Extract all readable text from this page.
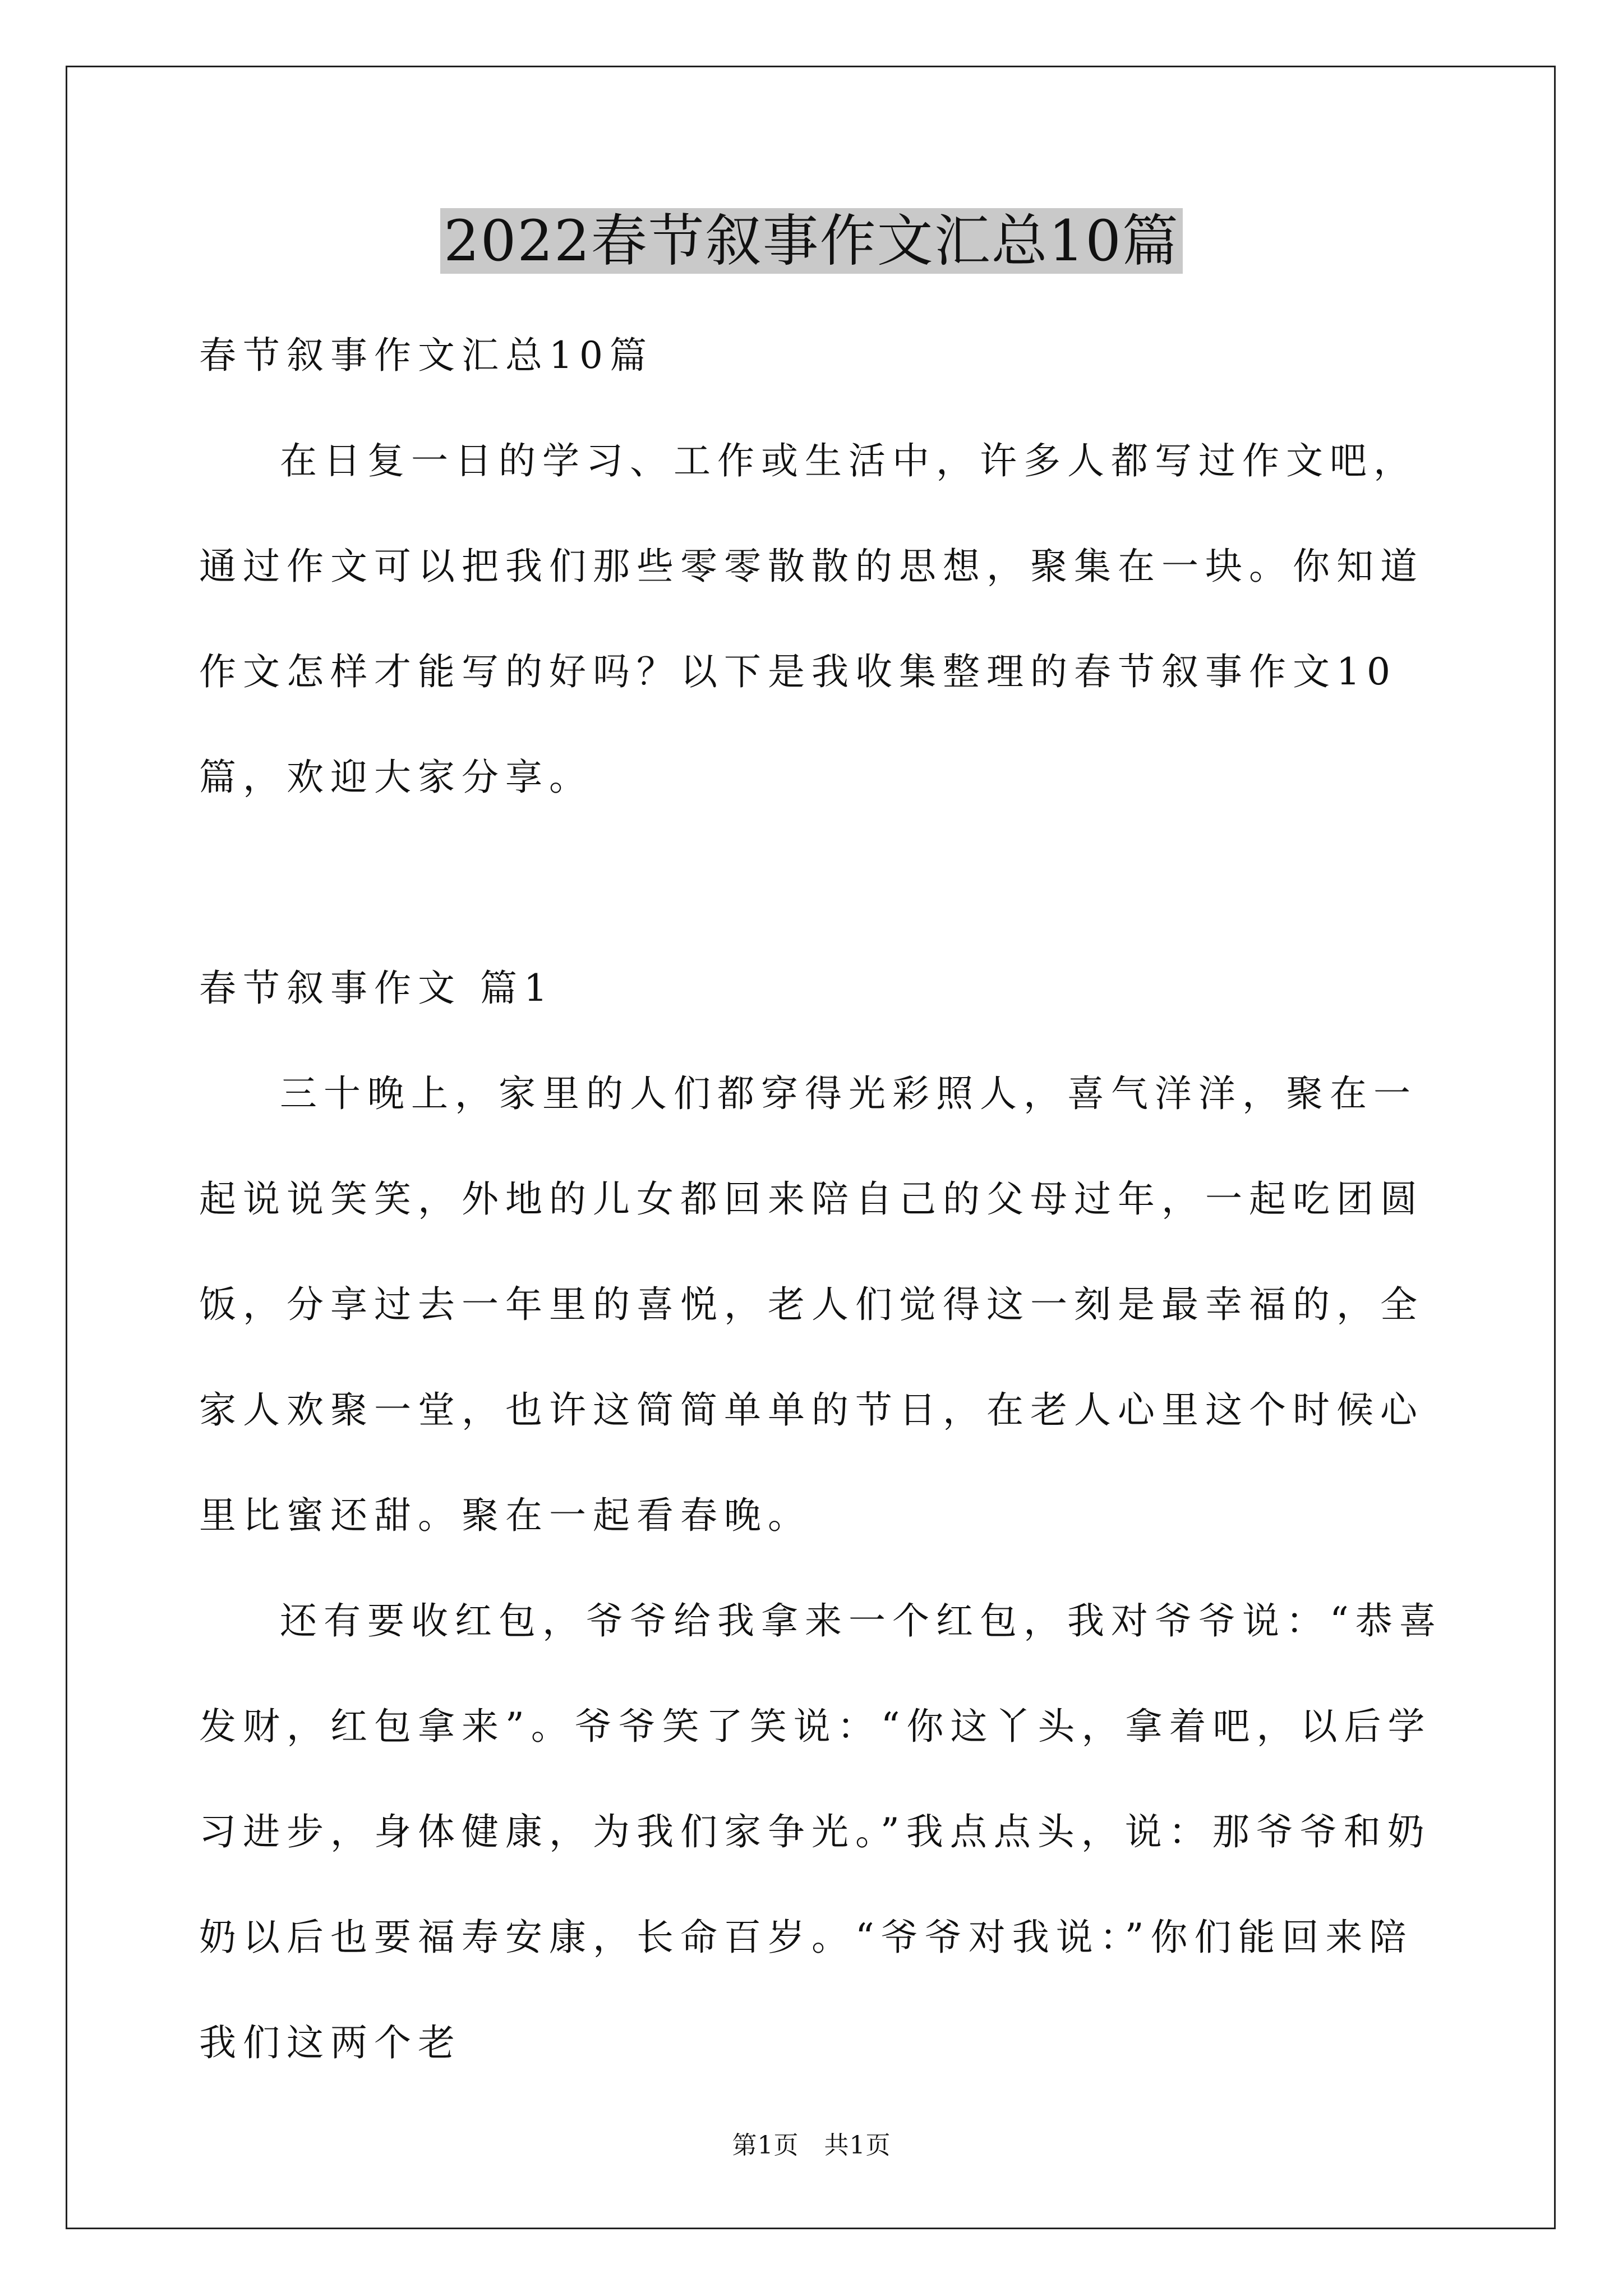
2022春节叙事作文汇总10篇

春节叙事作文汇总10篇

在日复一日的学习、工作或生活中，许多人都写过作文吧，通过作文可以把我们那些零零散散的思想，聚集在一块。你知道作文怎样才能写的好吗？以下是我收集整理的春节叙事作文10篇，欢迎大家分享。

春节叙事作文 篇1

三十晚上，家里的人们都穿得光彩照人，喜气洋洋，聚在一起说说笑笑，外地的儿女都回来陪自己的父母过年，一起吃团圆饭，分享过去一年里的喜悦，老人们觉得这一刻是最幸福的，全家人欢聚一堂，也许这简简单单的节日，在老人心里这个时候心里比蜜还甜。聚在一起看春晚。

还有要收红包，爷爷给我拿来一个红包，我对爷爷说：“恭喜发财，红包拿来”。爷爷笑了笑说：“你这丫头，拿着吧，以后学习进步，身体健康，为我们家争光。”我点点头，说：那爷爷和奶奶以后也要福寿安康，长命百岁。“爷爷对我说：”你们能回来陪我们这两个老

第1页　共1页
